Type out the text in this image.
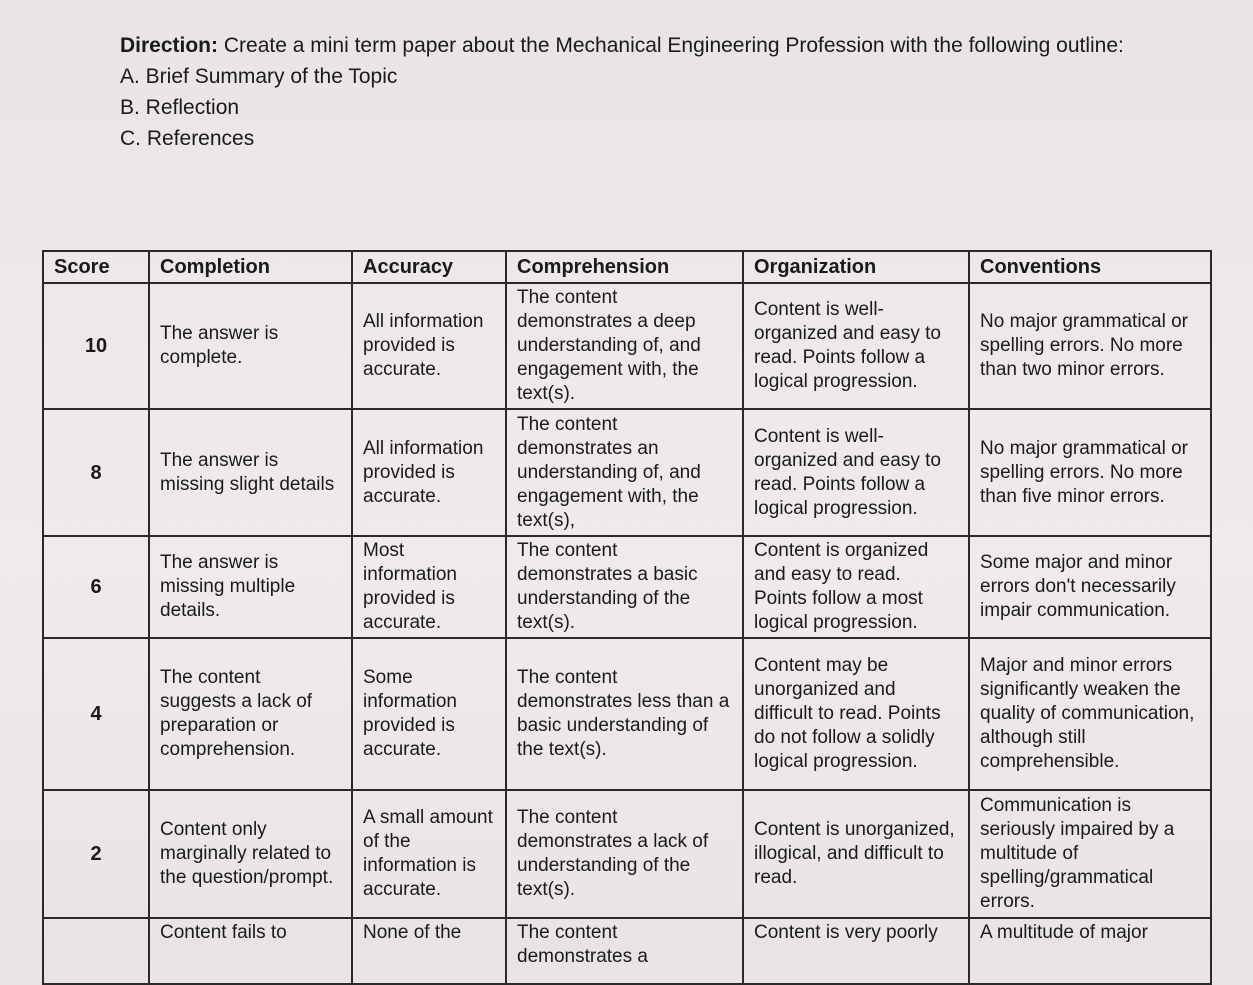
Direction: Create a mini term paper about the Mechanical Engineering Profession with the following outline:

A. Brief Summary of the Topic
B. Reflection
C. References
Score	Completion	Accuracy	Comprehension	Organization	Conventions
10	The answer is complete.	All information provided is accurate.	The content demonstrates a deep understanding of, and engagement with, the text(s).	Content is well-organized and easy to read. Points follow a logical progression.	No major grammatical or spelling errors. No more than two minor errors.
8	The answer is missing slight details	All information provided is accurate.	The content demonstrates an understanding of, and engagement with, the text(s),	Content is well-organized and easy to read. Points follow a logical progression.	No major grammatical or spelling errors. No more than five minor errors.
6	The answer is missing multiple details.	Most information provided is accurate.	The content demonstrates a basic understanding of the text(s).	Content is organized and easy to read. Points follow a most logical progression.	Some major and minor errors don't necessarily impair communication.
4	The content suggests a lack of preparation or comprehension.	Some information provided is accurate.	The content demonstrates less than a basic understanding of the text(s).	Content may be unorganized and difficult to read. Points do not follow a solidly logical progression.	Major and minor errors significantly weaken the quality of communication, although still comprehensible.
2	Content only marginally related to the question/prompt.	A small amount of the information is accurate.	The content demonstrates a lack of understanding of the text(s).	Content is unorganized, illogical, and difficult to read.	Communication is seriously impaired by a multitude of spelling/grammatical errors.
	Content fails to	None of the	The content demonstrates a	Content is very poorly	A multitude of major
